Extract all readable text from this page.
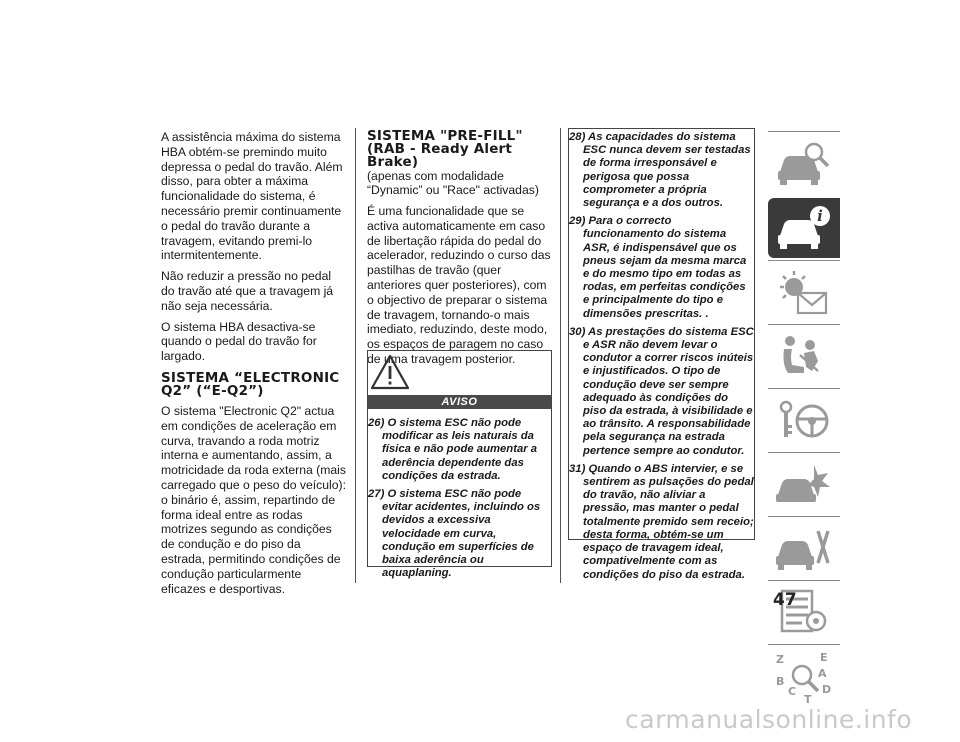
A assistência máxima do sistema HBA obtém-se premindo muito depressa o pedal do travão. Além disso, para obter a máxima funcionalidade do sistema, é necessário premir continuamente o pedal do travão durante a travagem, evitando premi-lo intermitentemente.

Não reduzir a pressão no pedal do travão até que a travagem já não seja necessária.

O sistema HBA desactiva-se quando o pedal do travão for largado.

SISTEMA “ELECTRONIC Q2” (“E-Q2”)

O sistema "Electronic Q2" actua em condições de aceleração em curva, travando a roda motriz interna e aumentando, assim, a motricidade da roda externa (mais carregado que o peso do veículo): o binário é, assim, repartindo de forma ideal entre as rodas motrizes segundo as condições de condução e do piso da estrada, permitindo condições de condução particularmente eficazes e desportivas.

SISTEMA "PRE-FILL" (RAB - Ready Alert Brake)

(apenas com modalidade “Dynamic” ou "Race" activadas)

É uma funcionalidade que se activa automaticamente em caso de libertação rápida do pedal do acelerador, reduzindo o curso das pastilhas de travão (quer anteriores quer posteriores), com o objectivo de preparar o sistema de travagem, tornando-o mais imediato, reduzindo, deste modo, os espaços de paragem no caso de uma travagem posterior.

AVISO

26) O sistema ESC não pode modificar as leis naturais da física e não pode aumentar a aderência dependente das condições da estrada.

27) O sistema ESC não pode evitar acidentes, incluindo os devidos a excessiva velocidade em curva, condução em superfícies de baixa aderência ou aquaplaning.

28) As capacidades do sistema ESC nunca devem ser testadas de forma irresponsável e perigosa que possa comprometer a própria segurança e a dos outros.

29) Para o correcto funcionamento do sistema ASR, é indispensável que os pneus sejam da mesma marca e do mesmo tipo em todas as rodas, em perfeitas condições e principalmente do tipo e dimensões prescritas. .

30) As prestações do sistema ESC e ASR não devem levar o condutor a correr riscos inúteis e injustificados. O tipo de condução deve ser sempre adequado às condições do piso da estrada, à visibilidade e ao trânsito. A responsabilidade pela segurança na estrada pertence sempre ao condutor.

31) Quando o ABS intervier, e se sentirem as pulsações do pedal do travão, não aliviar a pressão, mas manter o pedal totalmente premido sem receio; desta forma, obtém-se um espaço de travagem ideal, compativelmente com as condições do piso da estrada.

i
Z	E
A
B
C
T
D
47
carmanualsonline.info
